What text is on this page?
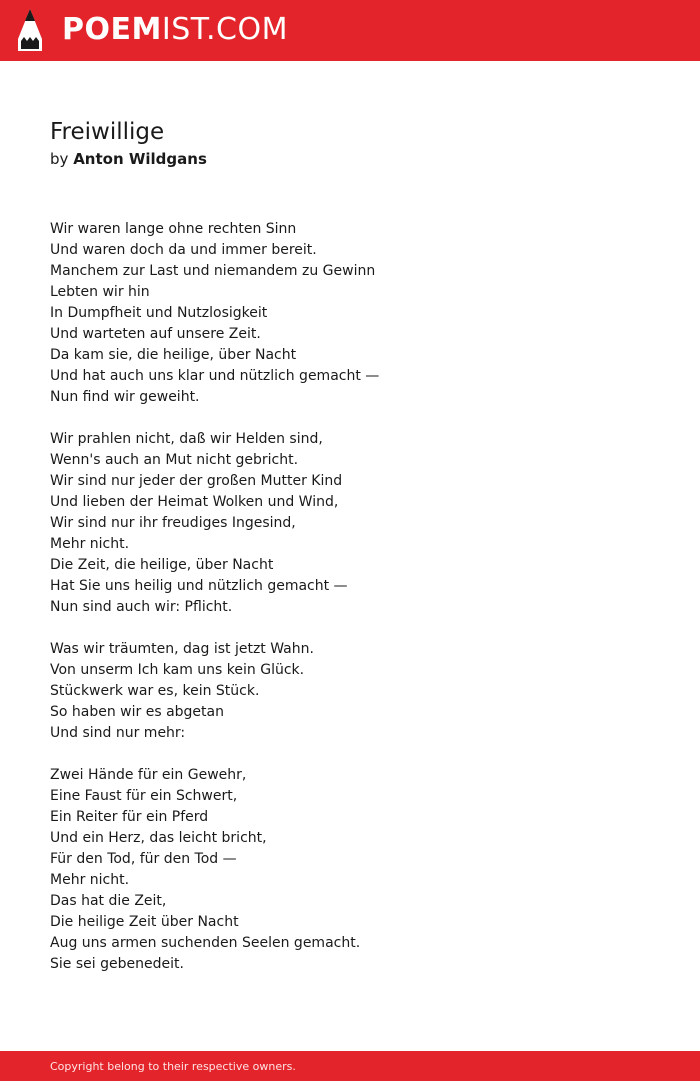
POEMIST.COM
Freiwillige
by Anton Wildgans
Wir waren lange ohne rechten Sinn
Und waren doch da und immer bereit.
Manchem zur Last und niemandem zu Gewinn
Lebten wir hin
In Dumpfheit und Nutzlosigkeit
Und warteten auf unsere Zeit.
Da kam sie, die heilige, über Nacht
Und hat auch uns klar und nützlich gemacht —
Nun find wir geweiht.
Wir prahlen nicht, daß wir Helden sind,
Wenn's auch an Mut nicht gebricht.
Wir sind nur jeder der großen Mutter Kind
Und lieben der Heimat Wolken und Wind,
Wir sind nur ihr freudiges Ingesind,
Mehr nicht.
Die Zeit, die heilige, über Nacht
Hat Sie uns heilig und nützlich gemacht —
Nun sind auch wir: Pflicht.
Was wir träumten, dag ist jetzt Wahn.
Von unserm Ich kam uns kein Glück.
Stückwerk war es, kein Stück.
So haben wir es abgetan
Und sind nur mehr:
Zwei Hände für ein Gewehr,
Eine Faust für ein Schwert,
Ein Reiter für ein Pferd
Und ein Herz, das leicht bricht,
Für den Tod, für den Tod —
Mehr nicht.
Das hat die Zeit,
Die heilige Zeit über Nacht
Aug uns armen suchenden Seelen gemacht.
Sie sei gebenedeit.
Copyright belong to their respective owners.
